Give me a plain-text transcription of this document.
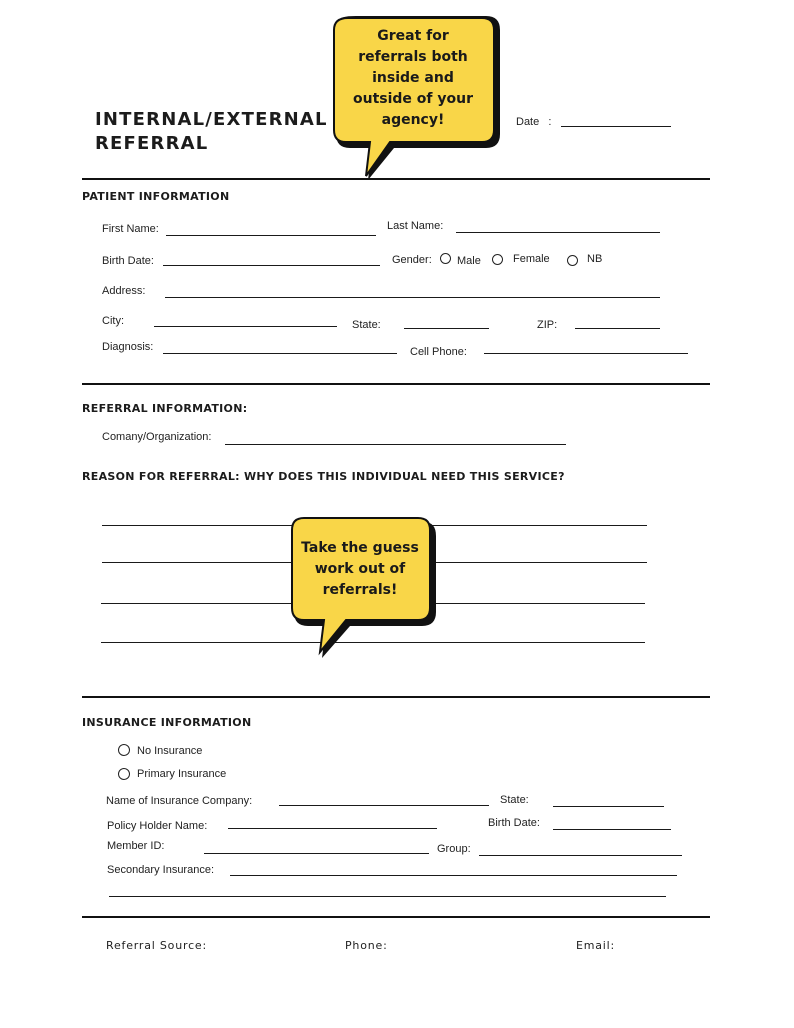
INTERNAL/EXTERNAL
REFERRAL
Date   :
Great for referrals both inside and outside of your agency!
PATIENT INFORMATION
First Name:	Last Name:
Birth Date:	Gender: Male	Female	NB
Address:
City:	State:	ZIP:
Diagnosis:	Cell Phone:
REFERRAL INFORMATION:
Comany/Organization:
REASON FOR REFERRAL: WHY DOES THIS INDIVIDUAL NEED THIS SERVICE?
Take the guess work out of referrals!
INSURANCE INFORMATION
No Insurance
Primary Insurance
Name of Insurance Company:	State:
Policy Holder Name:	Birth Date:
Member ID:	Group:
Secondary Insurance:
Referral Source:	Phone:	Email:
